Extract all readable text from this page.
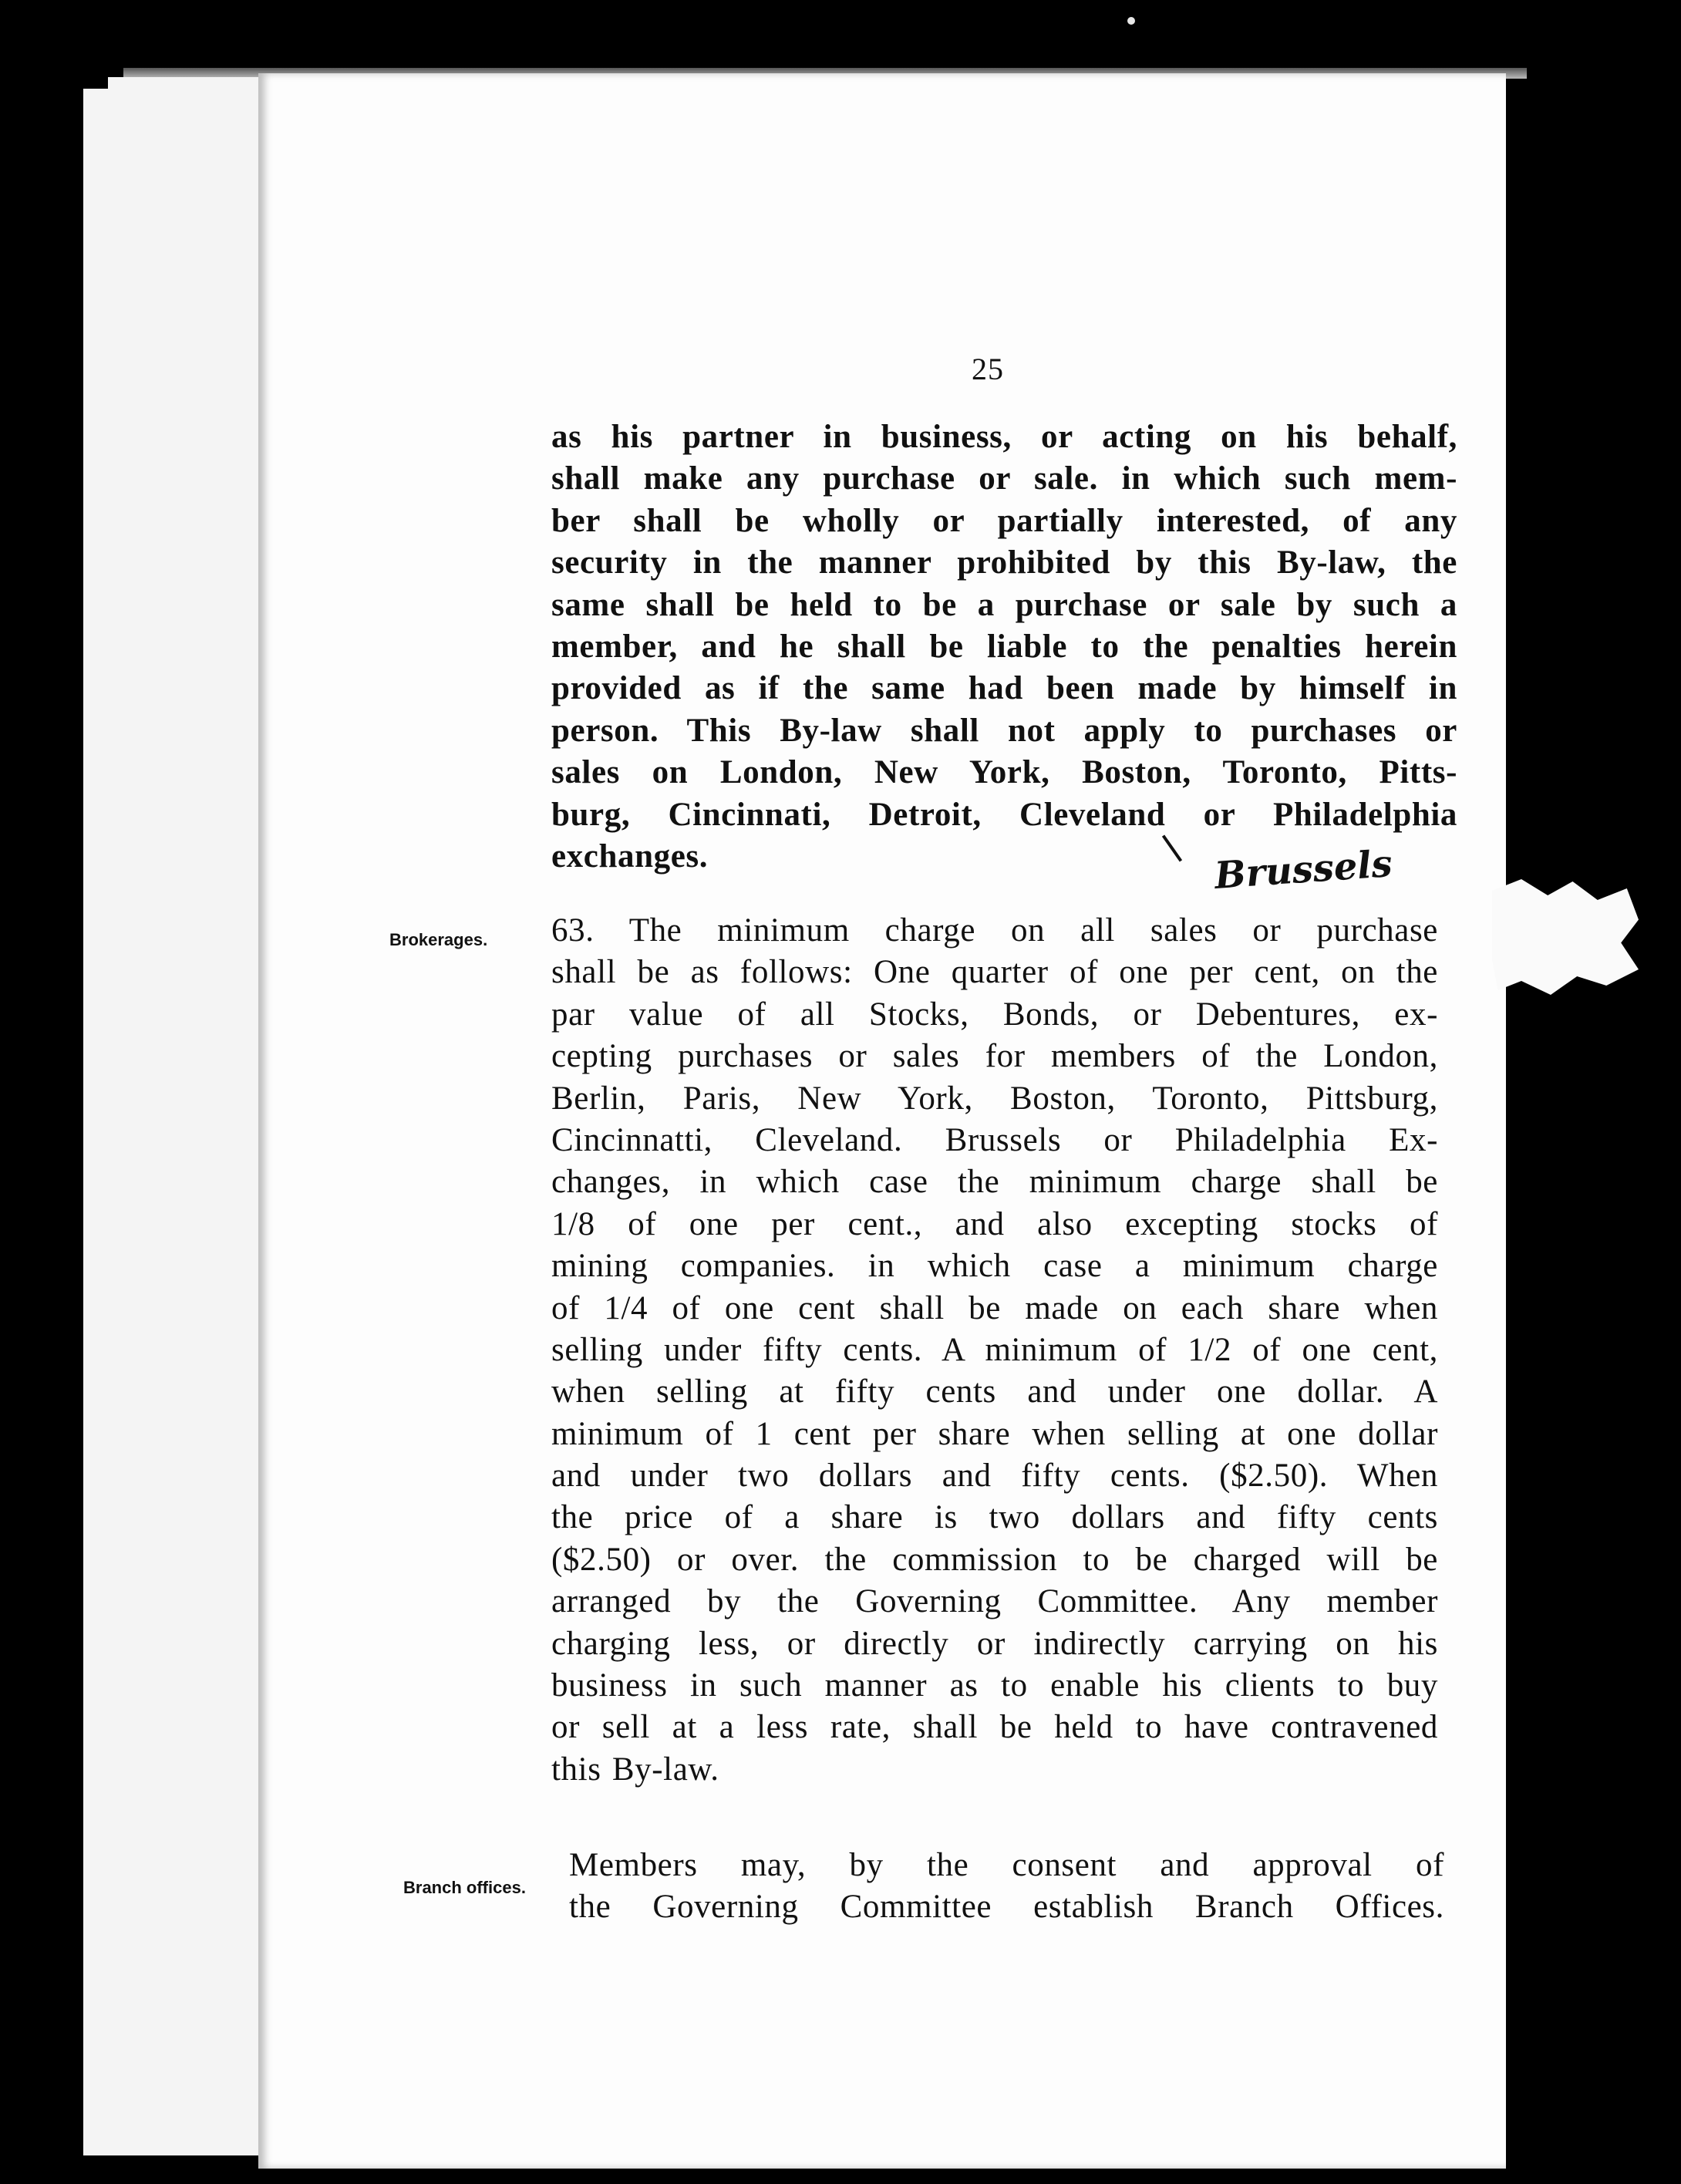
25
as his partner in business, or acting on his behalf,
shall make any purchase or sale. in which such mem-
ber shall be wholly or partially interested, of any
security in the manner prohibited by this By-law, the
same shall be held to be a purchase or sale by such a
member, and he shall be liable to the penalties herein
provided as if the same had been made by himself in
person. This By-law shall not apply to purchases or
sales on London, New York, Boston, Toronto, Pitts-
burg, Cincinnati, Detroit, Cleveland or Philadelphia
exchanges.	Brussels
Brokerages. 63. The minimum charge on all sales or purchase
shall be as follows: One quarter of one per cent, on the
par value of all Stocks, Bonds, or Debentures, ex-
cepting purchases or sales for members of the London,
Berlin, Paris, New York, Boston, Toronto, Pittsburg,
Cincinnatti, Cleveland. Brussels or Philadelphia Ex-
changes, in which case the minimum charge shall be
1/8 of one per cent., and also excepting stocks of
mining companies. in which case a minimum charge
of 1/4 of one cent shall be made on each share when
selling under fifty cents. A minimum of 1/2 of one cent,
when selling at fifty cents and under one dollar. A
minimum of 1 cent per share when selling at one dollar
and under two dollars and fifty cents. ($2.50). When
the price of a share is two dollars and fifty cents
($2.50) or over. the commission to be charged will be
arranged by the Governing Committee. Any member
charging less, or directly or indirectly carrying on his
business in such manner as to enable his clients to buy
or sell at a less rate, shall be held to have contravened
this By-law.
Branch offices.
Members may, by the consent and approval of
the Governing Committee establish Branch Offices.
